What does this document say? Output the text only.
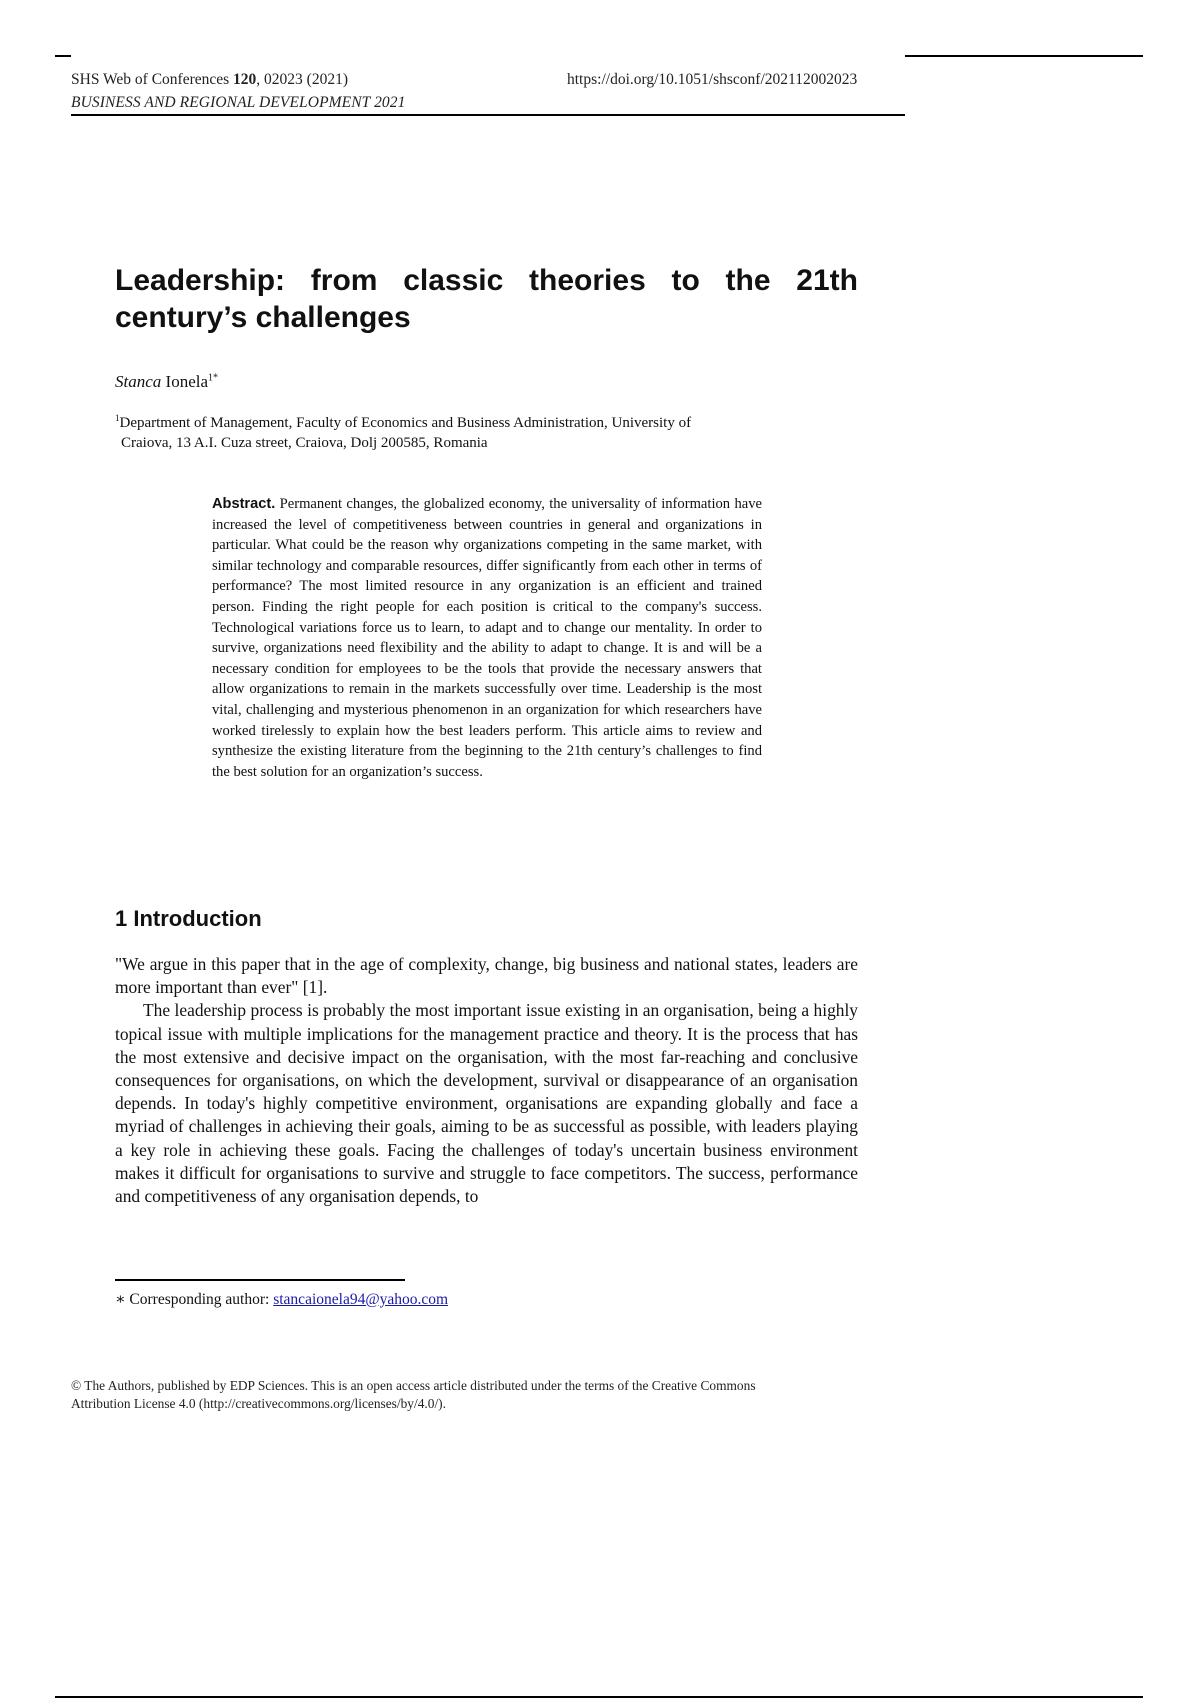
SHS Web of Conferences 120, 02023 (2021)
BUSINESS AND REGIONAL DEVELOPMENT 2021
https://doi.org/10.1051/shsconf/202112002023
Leadership: from classic theories to the 21th century’s challenges
Stanca Ionela$^{1*}$
$^1$Department of Management, Faculty of Economics and Business Administration, University of
Craiova, 13 A.I. Cuza street, Craiova, Dolj 200585, Romania

Abstract. Permanent changes, the globalized economy, the universality of information have increased the level of competitiveness between countries in general and organizations in particular. What could be the reason why organizations competing in the same market, with similar technology and comparable resources, differ significantly from each other in terms of performance? The most limited resource in any organization is an efficient and trained person. Finding the right people for each position is critical to the company's success. Technological variations force us to learn, to adapt and to change our mentality. In order to survive, organizations need flexibility and the ability to adapt to change. It is and will be a necessary condition for employees to be the tools that provide the necessary answers that allow organizations to remain in the markets successfully over time. Leadership is the most vital, challenging and mysterious phenomenon in an organization for which researchers have worked tirelessly to explain how the best leaders perform. This article aims to review and synthesize the existing literature from the beginning to the 21th century’s challenges to find the best solution for an organization’s success.

1 Introduction

"We argue in this paper that in the age of complexity, change, big business and national states, leaders are more important than ever" [1].

The leadership process is probably the most important issue existing in an organisation, being a highly topical issue with multiple implications for the management practice and theory. It is the process that has the most extensive and decisive impact on the organisation, with the most far-reaching and conclusive consequences for organisations, on which the development, survival or disappearance of an organisation depends. In today's highly competitive environment, organisations are expanding globally and face a myriad of challenges in achieving their goals, aiming to be as successful as possible, with leaders playing a key role in achieving these goals. Facing the challenges of today's uncertain business environment makes it difficult for organisations to survive and struggle to face competitors. The success, performance and competitiveness of any organisation depends, to

∗ Corresponding author: stancaionela94@yahoo.com
© The Authors, published by EDP Sciences. This is an open access article distributed under the terms of the Creative Commons
Attribution License 4.0 (http://creativecommons.org/licenses/by/4.0/).
